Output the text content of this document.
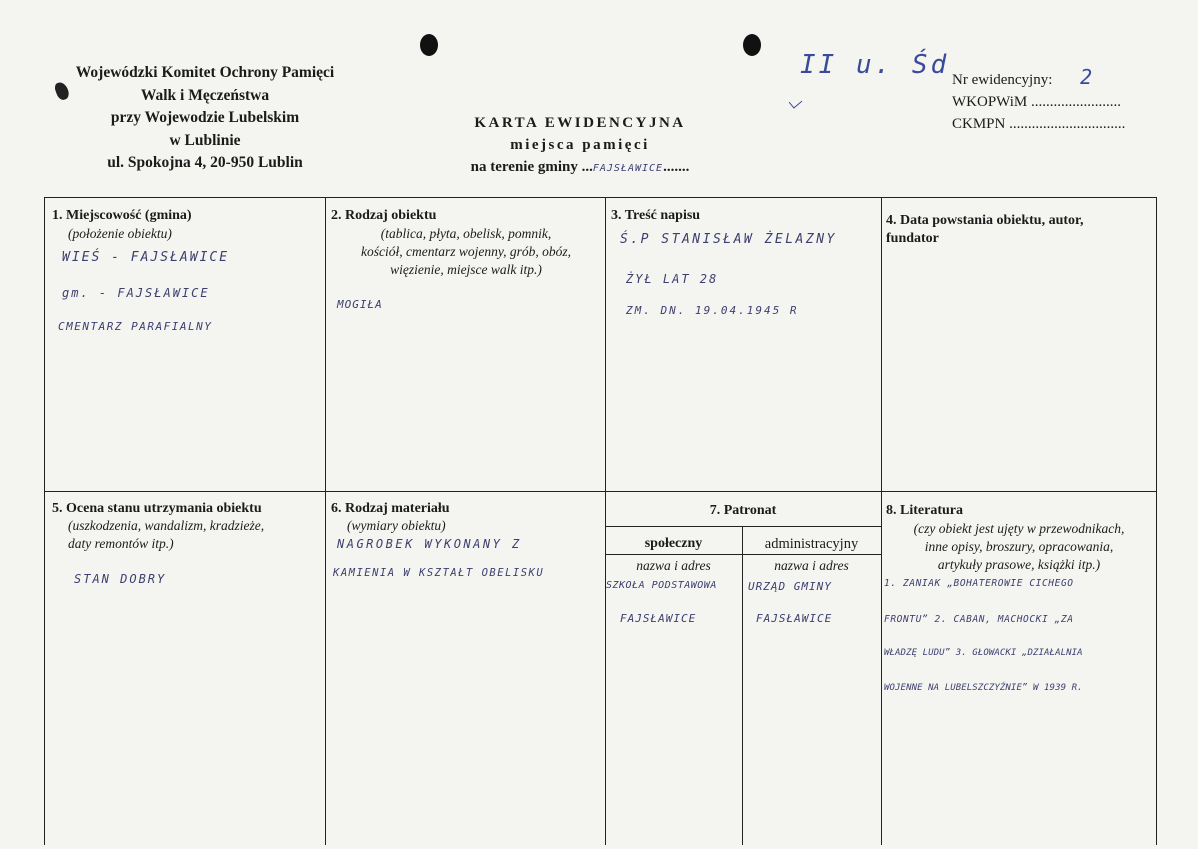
Wojewódzki Komitet Ochrony Pamięci
Walk i Męczeństwa
przy Wojewodzie Lubelskim
w Lublinie
ul. Spokojna 4, 20-950 Lublin
KARTA EWIDENCYJNA
miejsca pamięci
na terenie gminy ...FAJSŁAWICE.......
II u. Śd Nr ewidencyjny: 2
WKOPWiM ........................
CKMPN ...............................
1. Miejscowość (gmina)
(położenie obiektu)
WIEŚ - FAJSŁAWICE
gm. - FAJSŁAWICE
CMENTARZ PARAFIALNY
2. Rodzaj obiektu
(tablica, płyta, obelisk, pomnik,
kościół, cmentarz wojenny, grób, obóz,
więzienie, miejsce walk itp.)
MOGIŁA
3. Treść napisu
Ś.P STANISŁAW ŻELAZNY
ŻYŁ LAT 28
ZM. DN. 19.04.1945 R
4. Data powstania obiektu, autor,
fundator
5. Ocena stanu utrzymania obiektu
(uszkodzenia, wandalizm, kradzieże,
daty remontów itp.)
STAN DOBRY
6. Rodzaj materiału
(wymiary obiektu)
NAGROBEK WYKONANY Z
KAMIENIA W KSZTAŁT OBELISKU
7. Patronat
społeczny	administracyjny
nazwa i adres	nazwa i adres
SZKOŁA PODSTAWOWA
FAJSŁAWICE
URZĄD GMINY
FAJSŁAWICE
8. Literatura
(czy obiekt jest ujęty w przewodnikach,
inne opisy, broszury, opracowania,
artykuły prasowe, książki itp.)
1. ZANIAK „BOHATEROWIE CICHEGO
FRONTU” 2. CABAN, MACHOCKI „ZA
WŁADZĘ LUDU” 3. GŁOWACKI „DZIAŁALNIA
WOJENNE NA LUBELSZCZYŹNIE” W 1939 R.
